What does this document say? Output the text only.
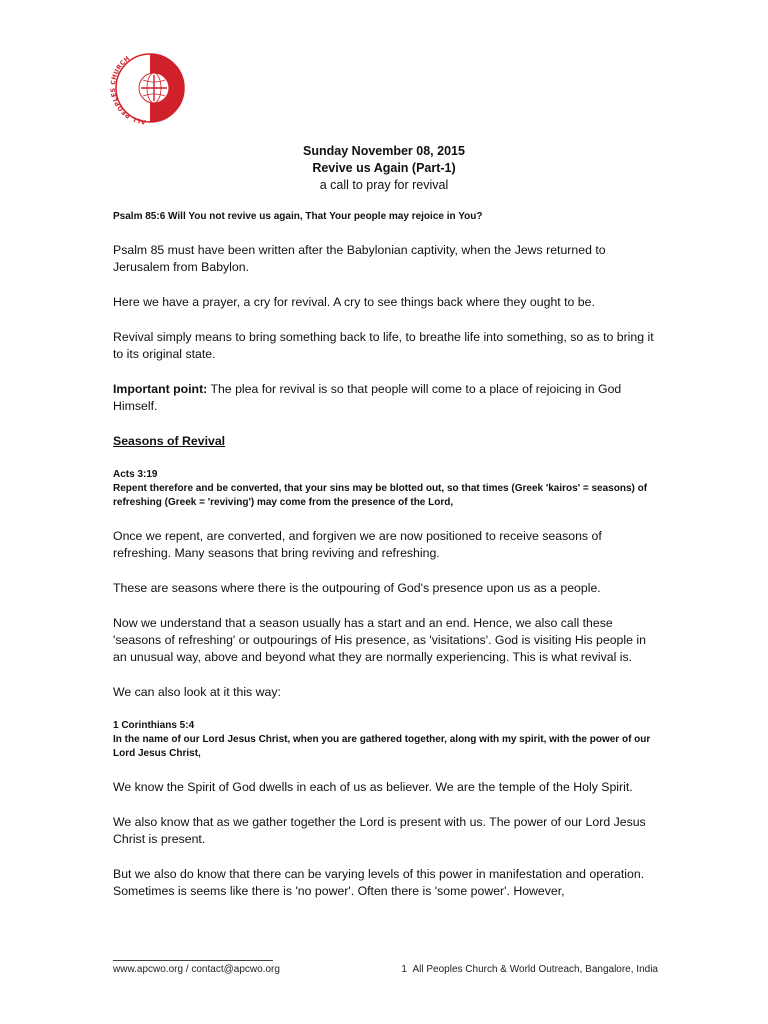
ALL PEOPLES CHURCH
Sunday November 08, 2015
Revive us Again (Part-1)
a call to pray for revival

Psalm 85:6 Will You not revive us again, That Your people may rejoice in You?

Psalm 85 must have been written after the Babylonian captivity, when the Jews returned to Jerusalem from Babylon.

Here we have a prayer, a cry for revival. A cry to see things back where they ought to be.

Revival simply means to bring something back to life, to breathe life into something, so as to bring it to its original state.

Important point: The plea for revival is so that people will come to a place of rejoicing in God Himself.

Seasons of Revival

Acts 3:19

Repent therefore and be converted, that your sins may be blotted out, so that times (Greek 'kairos' = seasons) of refreshing (Greek = 'reviving') may come from the presence of the Lord,

Once we repent, are converted, and forgiven we are now positioned to receive seasons of refreshing. Many seasons that bring reviving and refreshing.

These are seasons where there is the outpouring of God's presence upon us as a people.

Now we understand that a season usually has a start and an end. Hence, we also call these 'seasons of refreshing' or outpourings of His presence, as 'visitations'. God is visiting His people in an unusual way, above and beyond what they are normally experiencing. This is what revival is.

We can also look at it this way:

1 Corinthians 5:4

In the name of our Lord Jesus Christ, when you are gathered together, along with my spirit, with the power of our Lord Jesus Christ,

We know the Spirit of God dwells in each of us as believer. We are the temple of the Holy Spirit.

We also know that as we gather together the Lord is present with us. The power of our Lord Jesus Christ is present.

But we also do know that there can be varying levels of this power in manifestation and operation. Sometimes is seems like there is 'no power'. Often there is 'some power'. However,

www.apcwo.org / contact@apcwo.org	1 All Peoples Church & World Outreach, Bangalore, India
